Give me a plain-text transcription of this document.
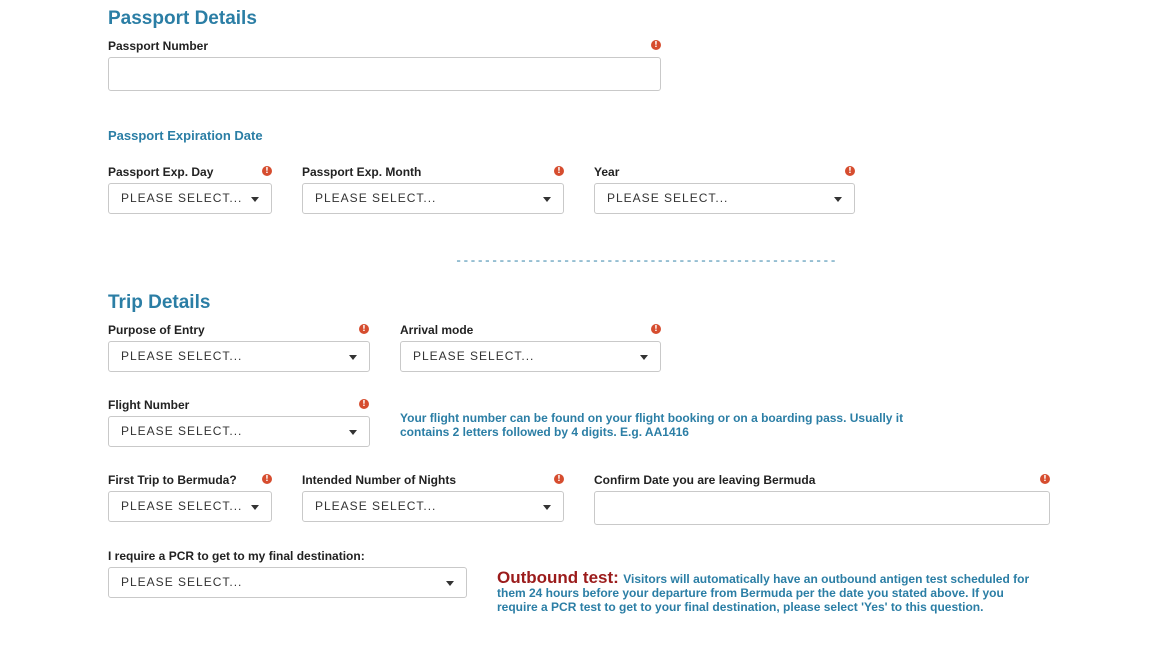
Passport Details
Passport Number	!
Passport Expiration Date
Passport Exp. Day	!
PLEASE SELECT...
Passport Exp. Month	!
PLEASE SELECT...
Year	!
PLEASE SELECT...
-----------------------------------------------------
Trip Details
Purpose of Entry	!
PLEASE SELECT...
Arrival mode	!
PLEASE SELECT...
Flight Number	!
PLEASE SELECT...
Your flight number can be found on your flight booking or on a boarding pass. Usually it
contains 2 letters followed by 4 digits. E.g. AA1416
First Trip to Bermuda?	!
PLEASE SELECT...
Intended Number of Nights	!
PLEASE SELECT...
Confirm Date you are leaving Bermuda	!
I require a PCR to get to my final destination:
PLEASE SELECT...	Outbound test: Visitors will automatically have an outbound antigen test scheduled for
them 24 hours before your departure from Bermuda per the date you stated above. If you
require a PCR test to get to your final destination, please select 'Yes' to this question.
